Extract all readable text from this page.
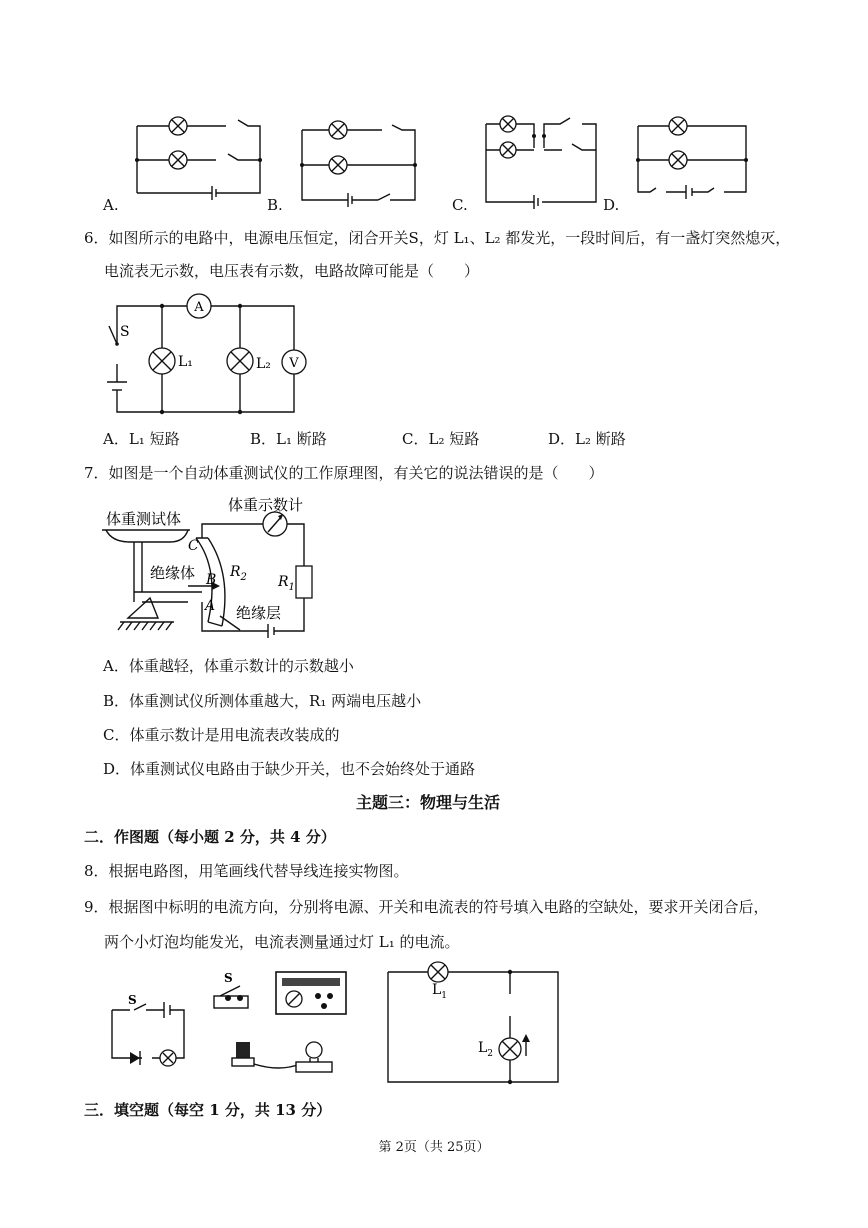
A.	B.	C.	D.
6．如图所示的电路中，电源电压恒定，闭合开关S，灯 L₁、L₂ 都发光，一段时间后，有一盏灯突然熄灭，
电流表无示数，电压表有示数，电路故障可能是（　　）
A
V
S
L₁	L₂
A．L₁ 短路	B．L₁ 断路	C．L₂ 短路	D．L₂ 断路
7．如图是一个自动体重测试仪的工作原理图，有关它的说法错误的是（　　）
体重测试体
体重示数计
绝缘体
绝缘层
C
B
A
$R_2$ $R_1$
A．体重越轻，体重示数计的示数越小
B．体重测试仪所测体重越大，R₁ 两端电压越小
C．体重示数计是用电流表改装成的
D．体重测试仪电路由于缺少开关，也不会始终处于通路
主题三：物理与生活
二．作图题（每小题 2 分，共 4 分）
8．根据电路图，用笔画线代替导线连接实物图。
9．根据图中标明的电流方向，分别将电源、开关和电流表的符号填入电路的空缺处，要求开关闭合后，
两个小灯泡均能发光，电流表测量通过灯 L₁ 的电流。
S
S
$L_1$
$L_2$
三．填空题（每空 1 分，共 13 分）
第 2页（共 25页）
